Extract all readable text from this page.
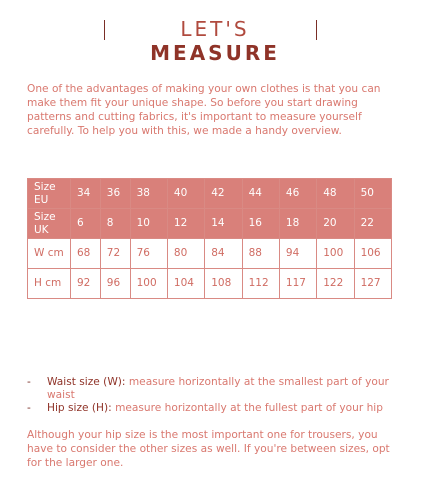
LET'S MEASURE

One of the advantages of making your own clothes is that you can make them fit your unique shape. So before you start drawing patterns and cutting fabrics, it's important to measure yourself carefully. To help you with this, we made a handy overview.

Size EU	34	36	38	40	42	44	46	48	50
Size UK	6	8	10	12	14	16	18	20	22
W cm	68	72	76	80	84	88	94	100	106
H cm	92	96	100	104	108	112	117	122	127
- Waist size (W): measure horizontally at the smallest part of your waist
- Hip size (H): measure horizontally at the fullest part of your hip

Although your hip size is the most important one for trousers, you have to consider the other sizes as well. If you're between sizes, opt for the larger one.
